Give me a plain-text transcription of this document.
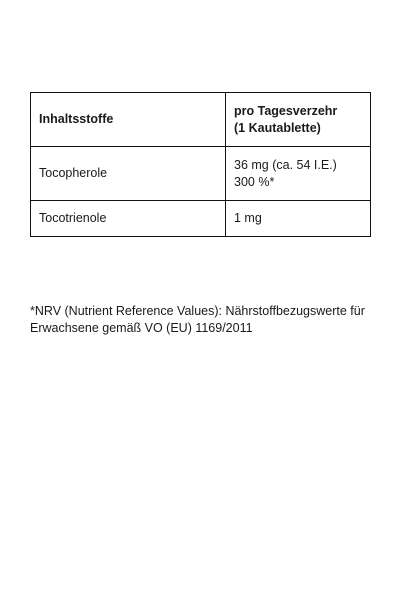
Inhaltsstoffe	pro Tagesverzehr
(1 Kautablette)

Tocopherole	36 mg (ca. 54 I.E.)
300 %*

Tocotrienole	1 mg

*NRV (Nutrient Reference Values): Nährstoffbezugswerte für
Erwachsene gemäß VO (EU) 1169/2011
